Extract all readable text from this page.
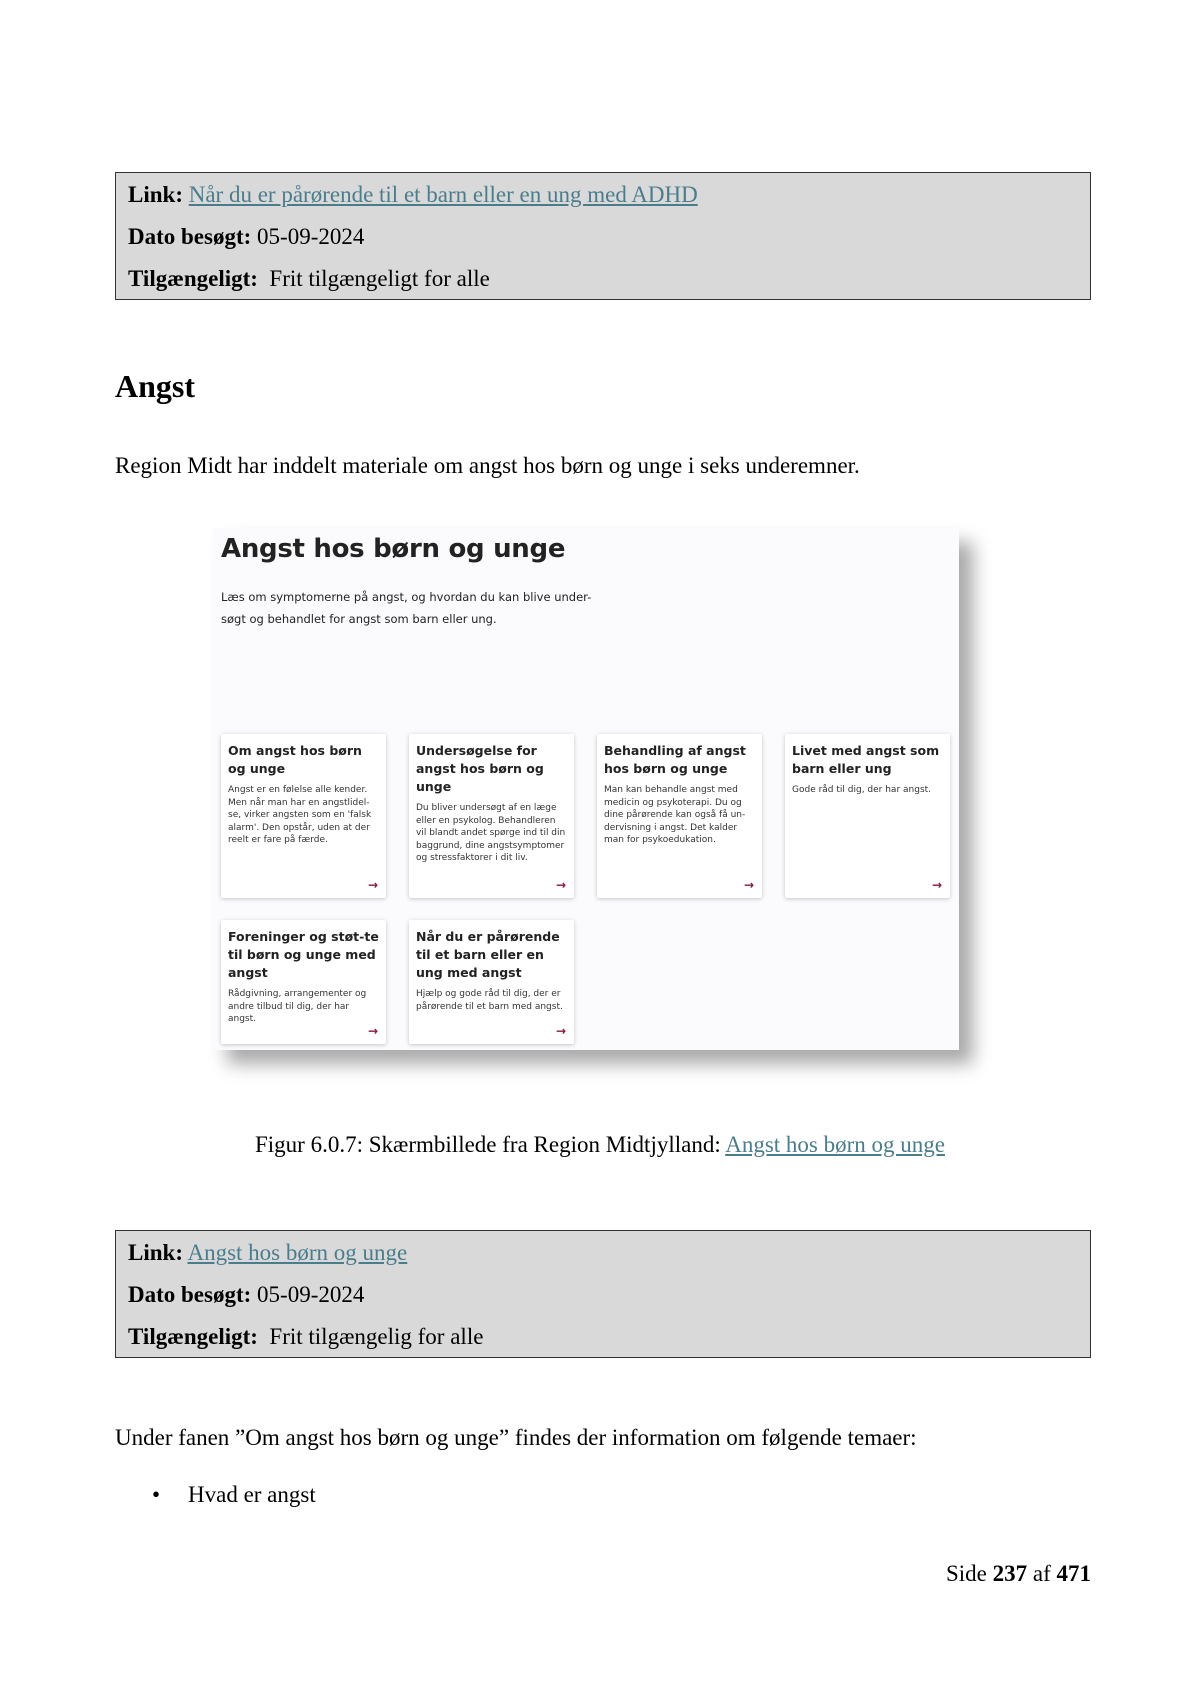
Link: Når du er pårørende til et barn eller en ung med ADHD
Dato besøgt: 05-09-2024
Tilgængeligt: Frit tilgængeligt for alle
Angst

Region Midt har inddelt materiale om angst hos børn og unge i seks underemner.

Angst hos børn og unge
Læs om symptomerne på angst, og hvordan du kan blive under-
søgt og behandlet for angst som barn eller ung.
Om angst hos børn og unge
Angst er en følelse alle kender. Men når man har en angstlidel-se, virker angsten som en 'falsk alarm'. Den opstår, uden at der reelt er fare på færde.
→
Undersøgelse for angst hos børn og unge
Du bliver undersøgt af en læge eller en psykolog. Behandleren vil blandt andet spørge ind til din baggrund, dine angstsymptomer og stressfaktorer i dit liv.
→
Behandling af angst hos børn og unge
Man kan behandle angst med medicin og psykoterapi. Du og dine pårørende kan også få un-dervisning i angst. Det kalder man for psykoedukation.
→
Livet med angst som barn eller ung
Gode råd til dig, der har angst.
→
Foreninger og støt-te til børn og unge med angst
Rådgivning, arrangementer og andre tilbud til dig, der har angst.
→
Når du er pårørende til et barn eller en ung med angst
Hjælp og gode råd til dig, der er pårørende til et barn med angst.
→
Figur 6.0.7: Skærmbillede fra Region Midtjylland: Angst hos børn og unge
Link: Angst hos børn og unge
Dato besøgt: 05-09-2024
Tilgængeligt: Frit tilgængelig for alle

Under fanen ”Om angst hos børn og unge” findes der information om følgende temaer:

• Hvad er angst
Side 237 af 471
